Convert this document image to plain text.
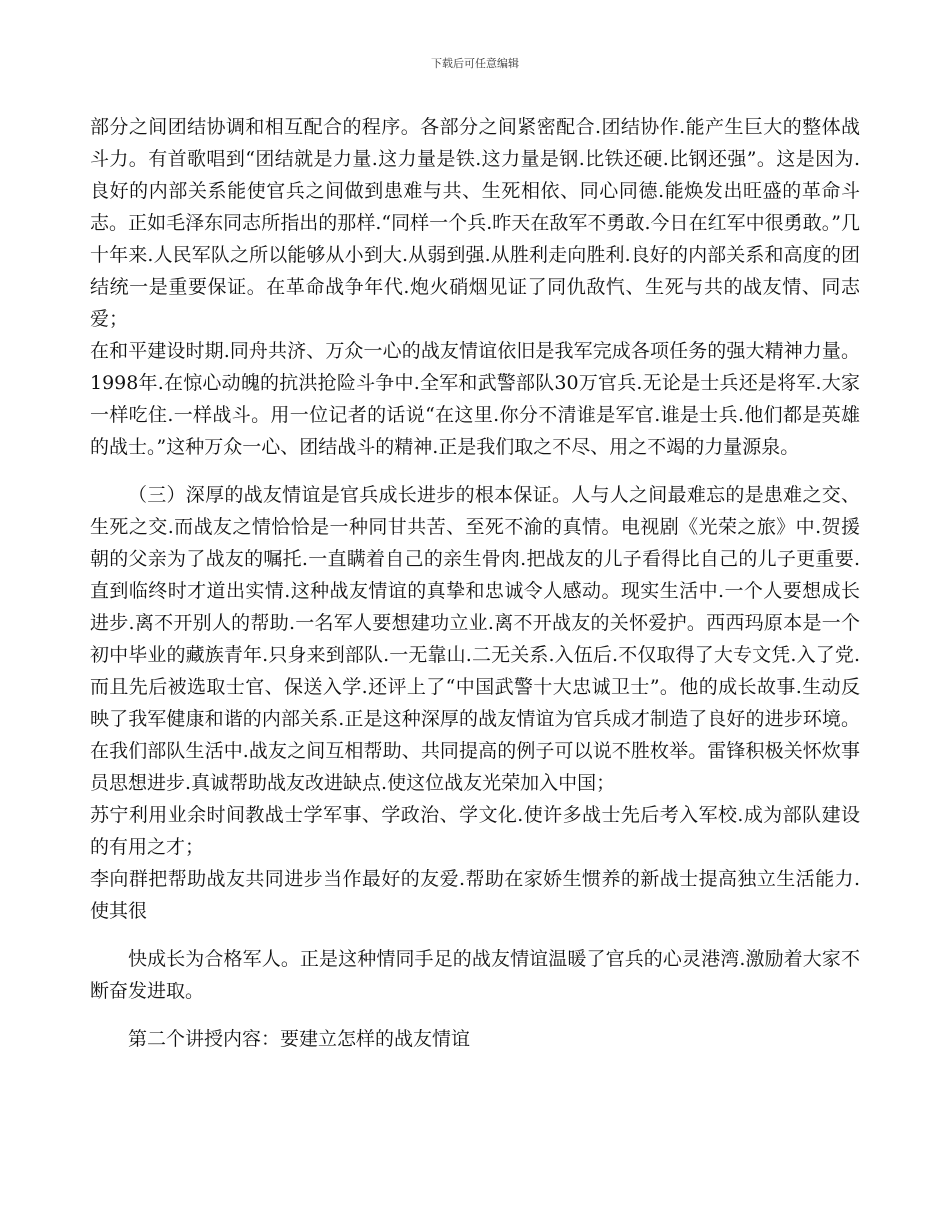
下载后可任意编辑

部分之间团结协调和相互配合的程序。各部分之间紧密配合.团结协作.能产生巨大的整体战斗力。有首歌唱到“团结就是力量.这力量是铁.这力量是钢.比铁还硬.比钢还强”。这是因为.良好的内部关系能使官兵之间做到患难与共、生死相依、同心同德.能焕发出旺盛的革命斗志。正如毛泽东同志所指出的那样.“同样一个兵.昨天在敌军不勇敢.今日在红军中很勇敢。”几十年来.人民军队之所以能够从小到大.从弱到强.从胜利走向胜利.良好的内部关系和高度的团结统一是重要保证。在革命战争年代.炮火硝烟见证了同仇敌忾、生死与共的战友情、同志爱；

在和平建设时期.同舟共济、万众一心的战友情谊依旧是我军完成各项任务的强大精神力量。1998年.在惊心动魄的抗洪抢险斗争中.全军和武警部队30万官兵.无论是士兵还是将军.大家一样吃住.一样战斗。用一位记者的话说“在这里.你分不清谁是军官.谁是士兵.他们都是英雄的战士。”这种万众一心、团结战斗的精神.正是我们取之不尽、用之不竭的力量源泉。

（三）深厚的战友情谊是官兵成长进步的根本保证。人与人之间最难忘的是患难之交、生死之交.而战友之情恰恰是一种同甘共苦、至死不渝的真情。电视剧《光荣之旅》中.贺援朝的父亲为了战友的嘱托.一直瞒着自己的亲生骨肉.把战友的儿子看得比自己的儿子更重要.直到临终时才道出实情.这种战友情谊的真挚和忠诚令人感动。现实生活中.一个人要想成长进步.离不开别人的帮助.一名军人要想建功立业.离不开战友的关怀爱护。西西玛原本是一个初中毕业的藏族青年.只身来到部队.一无靠山.二无关系.入伍后.不仅取得了大专文凭.入了党.而且先后被选取士官、保送入学.还评上了“中国武警十大忠诚卫士”。他的成长故事.生动反映了我军健康和谐的内部关系.正是这种深厚的战友情谊为官兵成才制造了良好的进步环境。在我们部队生活中.战友之间互相帮助、共同提高的例子可以说不胜枚举。雷锋积极关怀炊事员思想进步.真诚帮助战友改进缺点.使这位战友光荣加入中国；

苏宁利用业余时间教战士学军事、学政治、学文化.使许多战士先后考入军校.成为部队建设的有用之才；

李向群把帮助战友共同进步当作最好的友爱.帮助在家娇生惯养的新战士提高独立生活能力.使其很

快成长为合格军人。正是这种情同手足的战友情谊温暖了官兵的心灵港湾.激励着大家不断奋发进取。

第二个讲授内容：要建立怎样的战友情谊
